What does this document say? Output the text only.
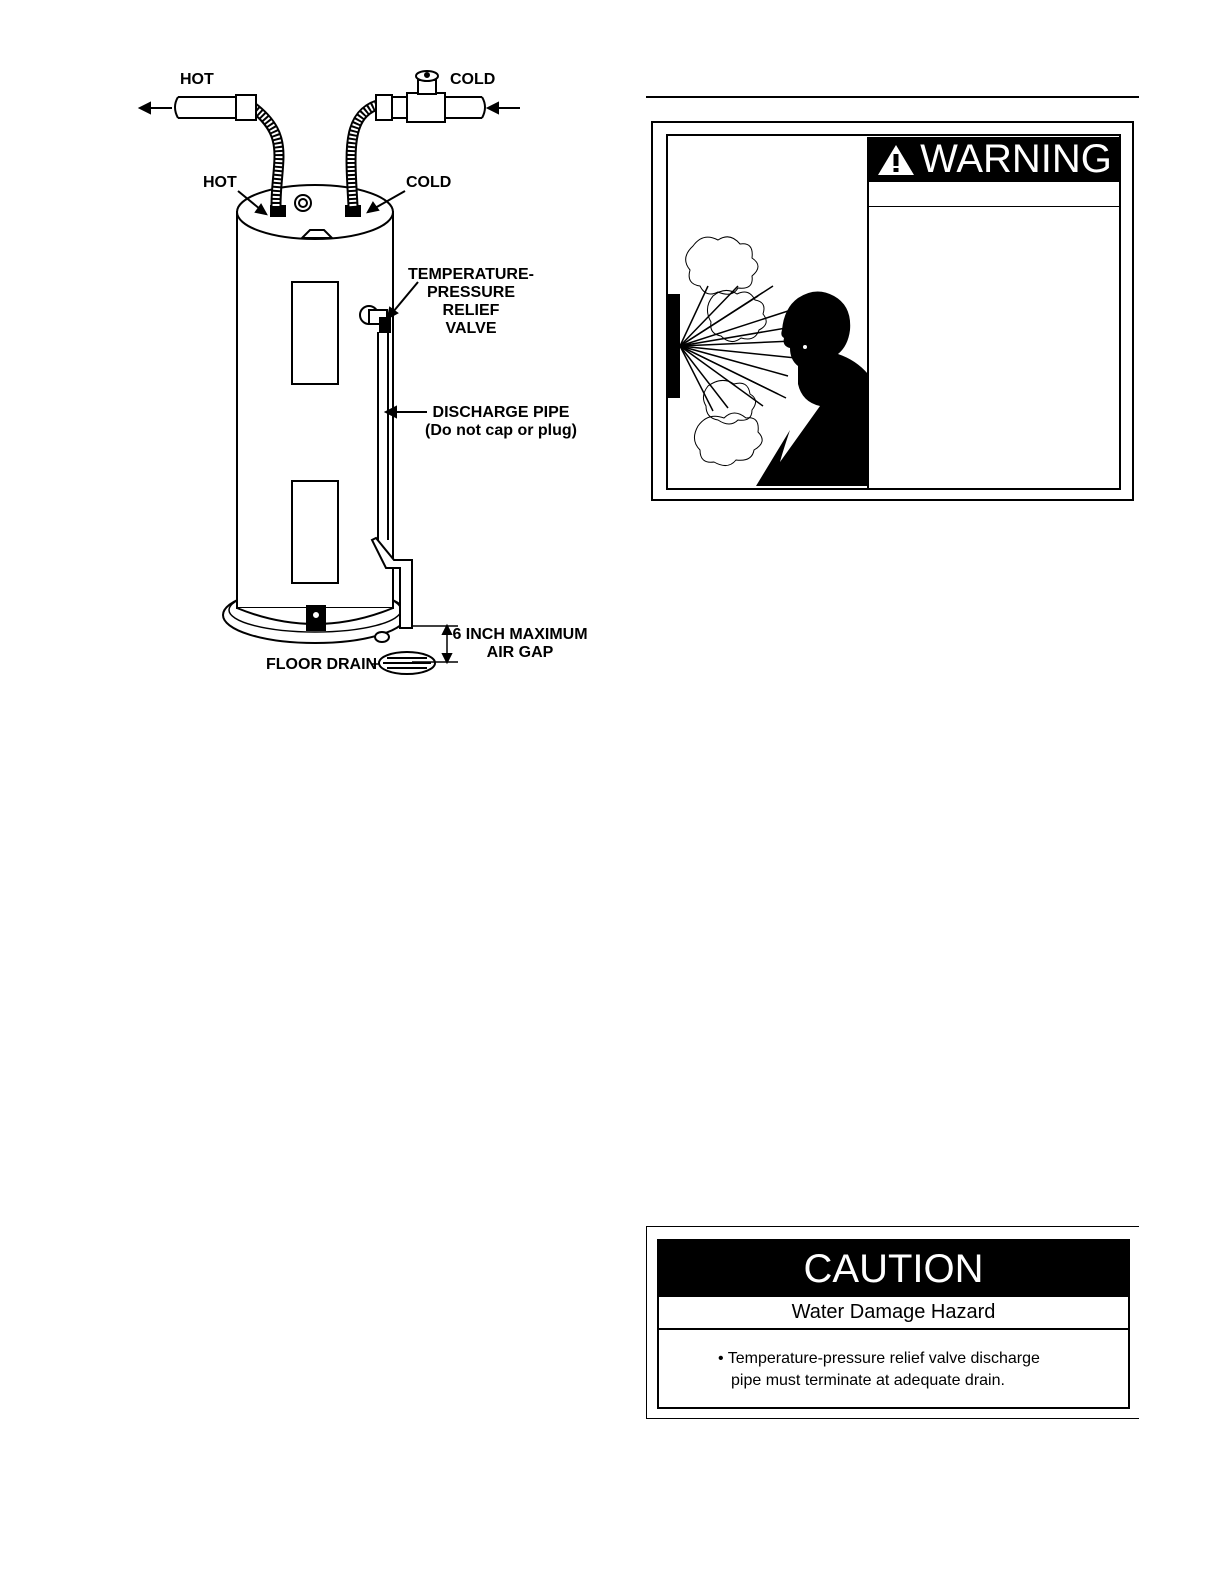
HOT	COLD
HOT	COLD
TEMPERATURE-
PRESSURE
RELIEF
VALVE
DISCHARGE PIPE
(Do not cap or plug)
6 INCH MAXIMUM
AIR GAP
FLOOR DRAIN
WARNING
CAUTION
Water Damage Hazard
• Temperature-pressure relief valve discharge
pipe must terminate at adequate drain.
